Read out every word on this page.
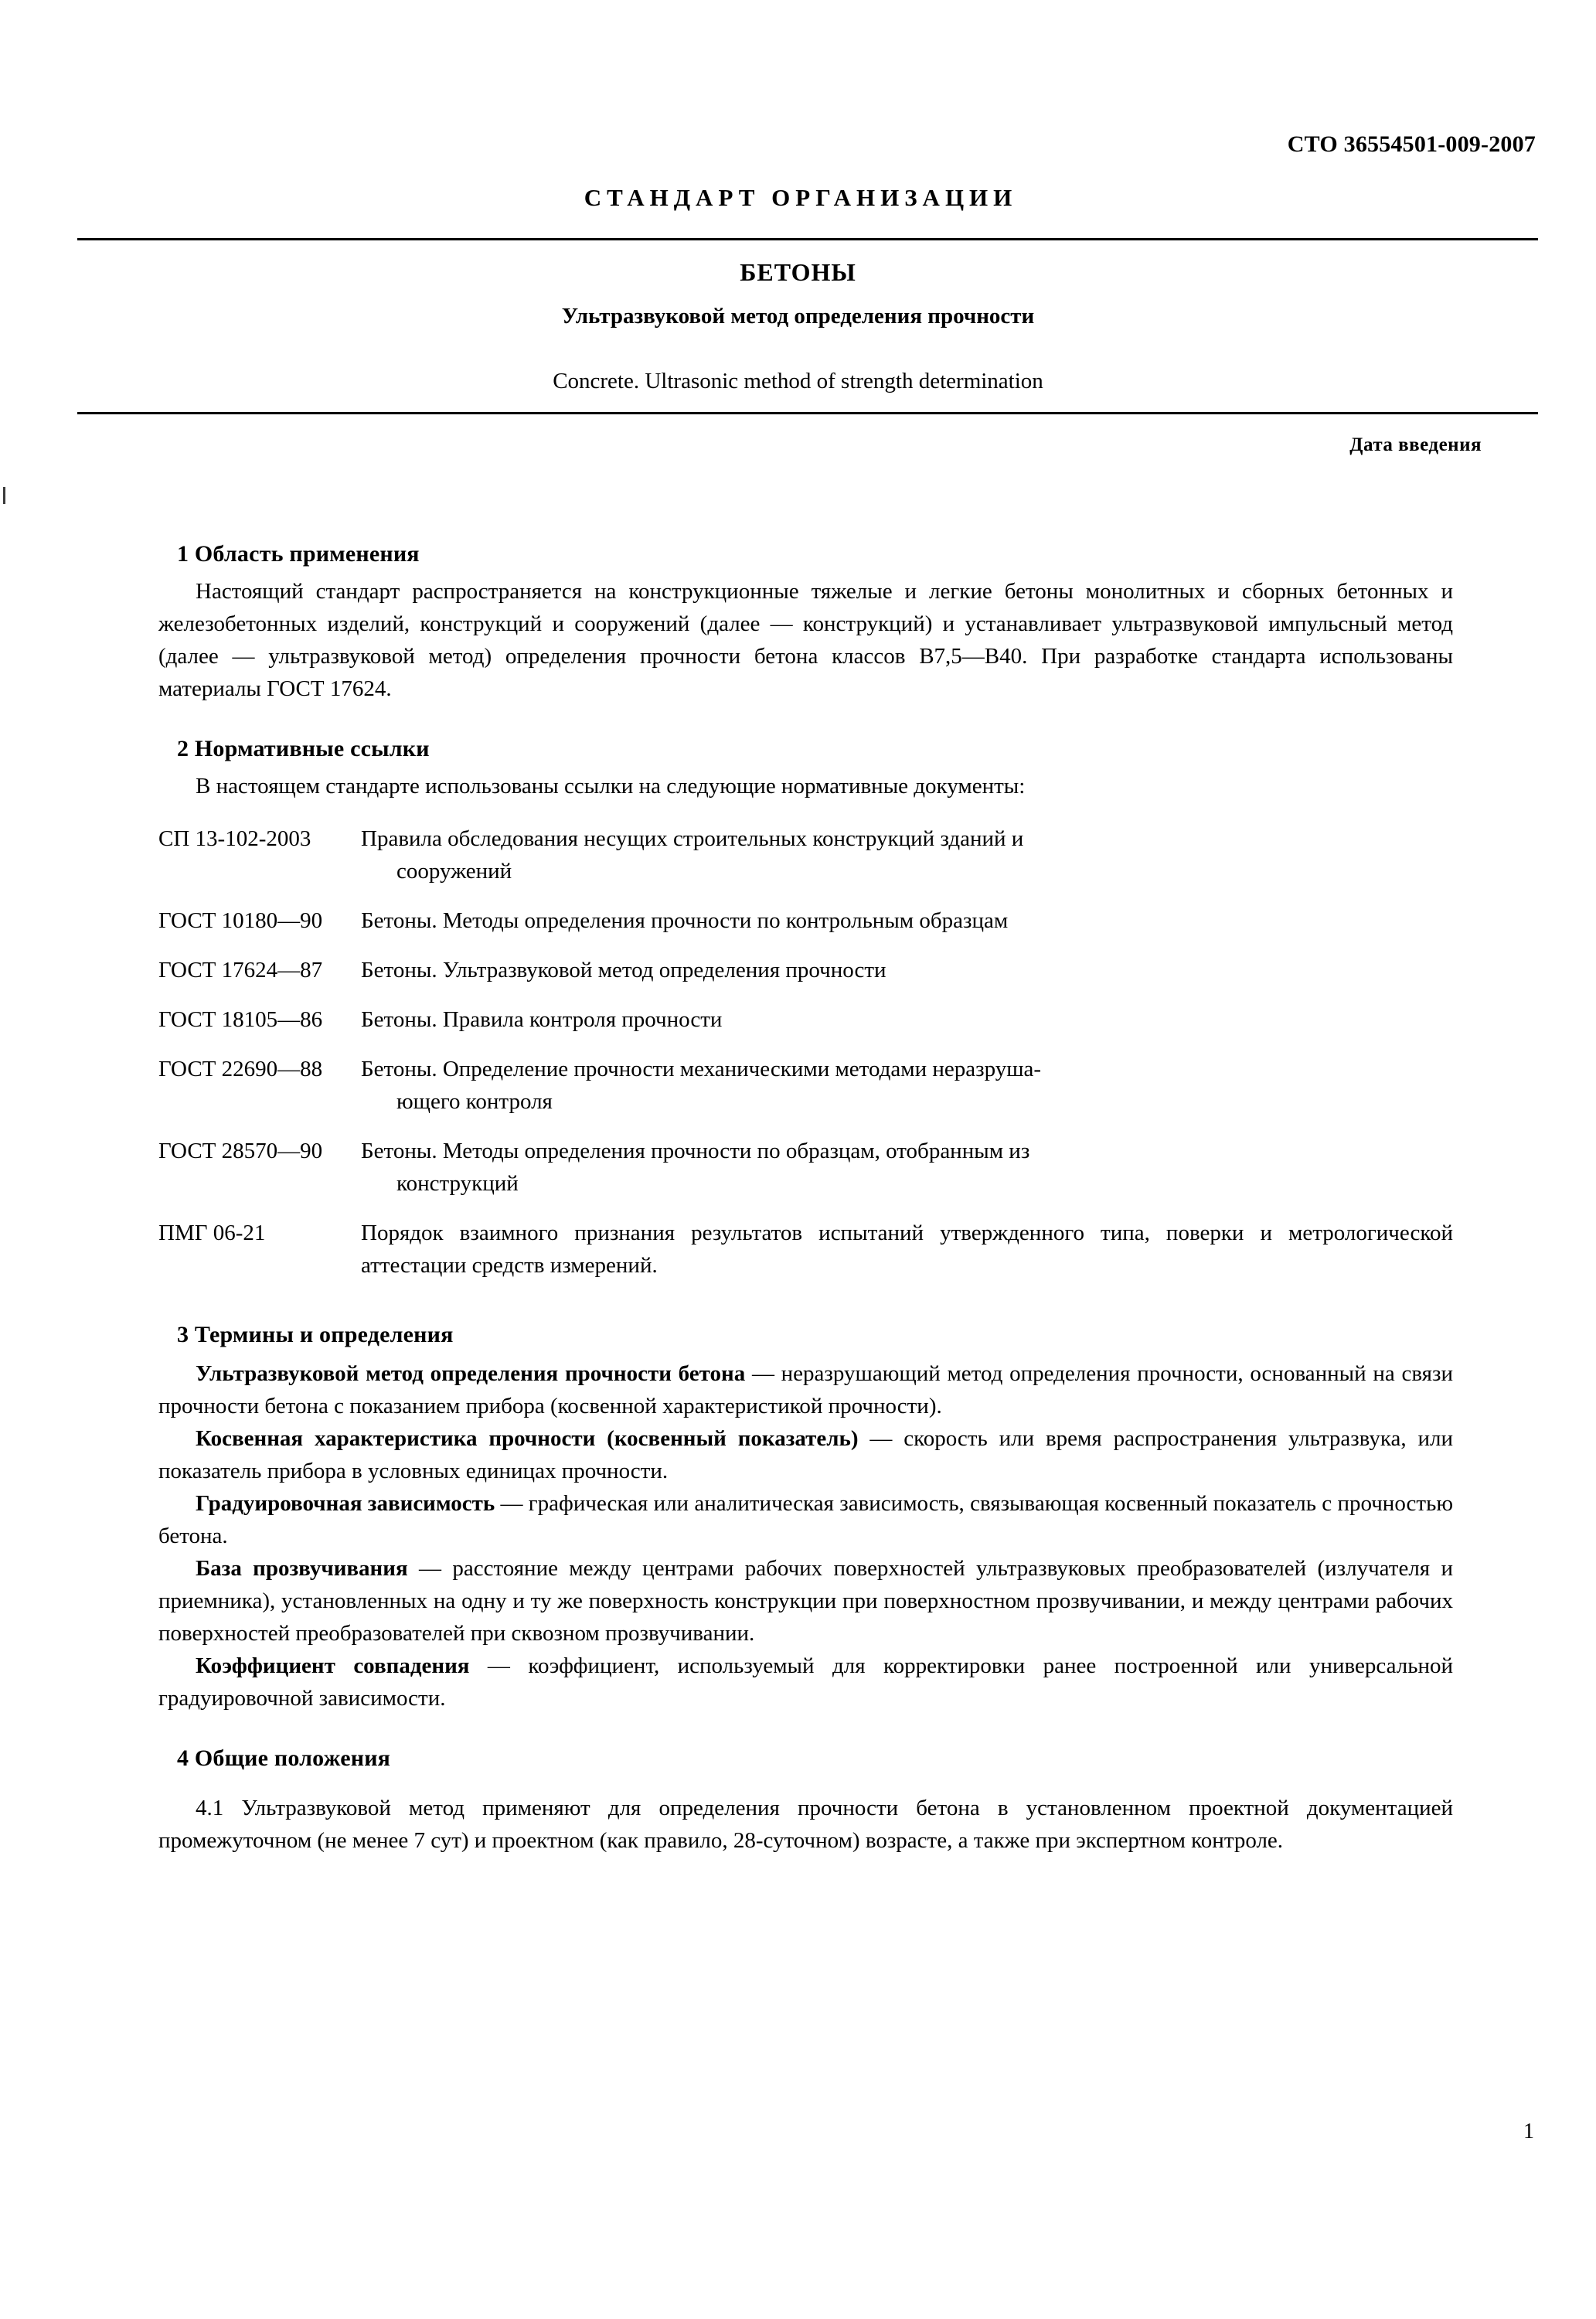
СТО 36554501-009-2007
СТАНДАРТ ОРГАНИЗАЦИИ
БЕТОНЫ
Ультразвуковой метод определения прочности
Concrete. Ultrasonic method of strength determination
Дата введения
1 Область применения

Настоящий стандарт распространяется на конструкционные тяжелые и легкие бетоны монолитных и сборных бетонных и железобетонных изделий, конструкций и сооружений (далее — конструкций) и устанавливает ультразвуковой импульсный метод (далее — ультразвуковой метод) определения прочности бетона классов В7,5—В40. При разработке стандарта использованы материалы ГОСТ 17624.

2 Нормативные ссылки

В настоящем стандарте использованы ссылки на следующие нормативные документы:

СП 13-102-2003	Правила обследования несущих строительных конструкций зданий и
сооружений
ГОСТ 10180—90	Бетоны. Методы определения прочности по контрольным образцам
ГОСТ 17624—87	Бетоны. Ультразвуковой метод определения прочности
ГОСТ 18105—86	Бетоны. Правила контроля прочности
ГОСТ 22690—88	Бетоны. Определение прочности механическими методами неразруша-
ющего контроля
ГОСТ 28570—90	Бетоны. Методы определения прочности по образцам, отобранным из
конструкций
ПМГ 06-21	Порядок взаимного признания результатов испытаний утвержденного типа, поверки и метрологической аттестации средств измерений.
3 Термины и определения

Ультразвуковой метод определения прочности бетона — неразрушающий метод определения прочности, основанный на связи прочности бетона с показанием прибора (косвенной характеристикой прочности).

Косвенная характеристика прочности (косвенный показатель) — скорость или время распространения ультразвука, или показатель прибора в условных единицах прочности.

Градуировочная зависимость — графическая или аналитическая зависимость, связывающая косвенный показатель с прочностью бетона.

База прозвучивания — расстояние между центрами рабочих поверхностей ультразвуковых преобразователей (излучателя и приемника), установленных на одну и ту же поверхность конструкции при поверхностном прозвучивании, и между центрами рабочих поверхностей преобразователей при сквозном прозвучивании.

Коэффициент совпадения — коэффициент, используемый для корректировки ранее построенной или универсальной градуировочной зависимости.

4 Общие положения

4.1 Ультразвуковой метод применяют для определения прочности бетона в установленном проектной документацией промежуточном (не менее 7 сут) и проектном (как правило, 28-суточном) возрасте, а также при экспертном контроле.

1
